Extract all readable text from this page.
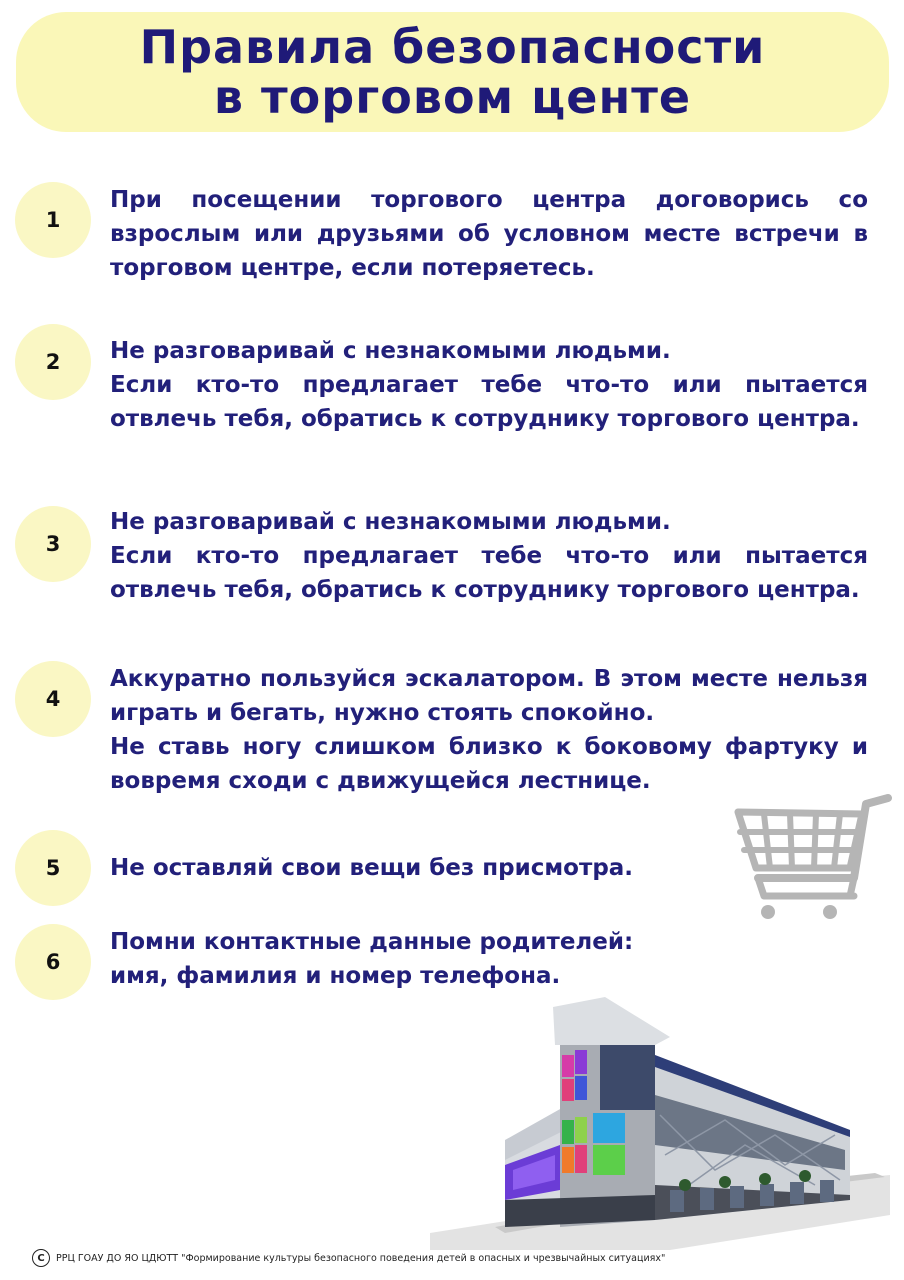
Правила безопасности
в торговом центе
1

При посещении торгового центра договорись со взрослым или друзьями об условном месте встречи в торговом центре, если потеряетесь.

2	Не разговаривай с незнакомыми людьми.

Если кто-то предлагает тебе что-то или пытается отвлечь тебя, обратись к сотруднику торгового центра.

3

Не разговаривай с незнакомыми людьми.

Если кто-то предлагает тебе что-то или пытается отвлечь тебя, обратись к сотруднику торгового центра.

4

Аккуратно пользуйся эскалатором. В этом месте нельзя играть и бегать, нужно стоять спокойно.

Не ставь ногу слишком близко к боковому фартуку и вовремя сходи с движущейся лестнице.

5	Не оставляй свои вещи без присмотра.

6

Помни контактные данные родителей:

имя, фамилия и номер телефона.

C	РРЦ ГОАУ ДО ЯО ЦДЮТТ "Формирование культуры безопасного поведения детей в опасных и чрезвычайных ситуациях"
